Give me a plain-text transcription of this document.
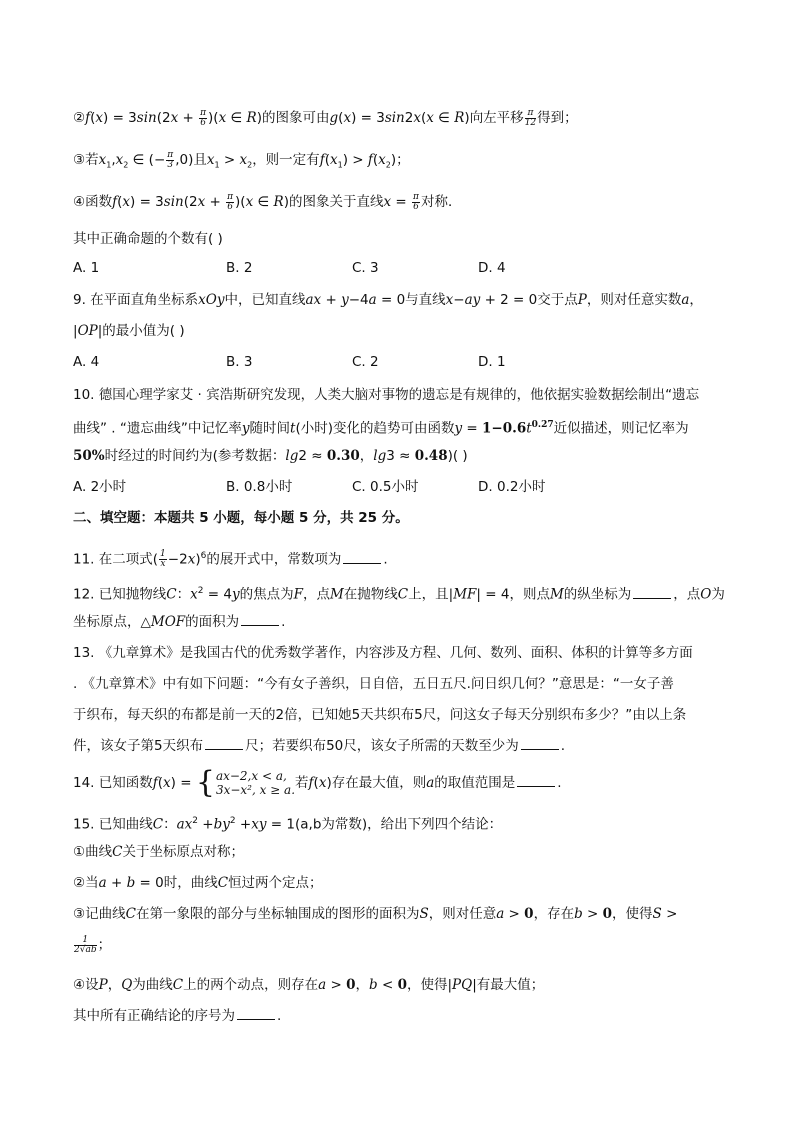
②f(x) = $3\sin(2x + \frac{\pi}{6} )(x$ ∈ R)的图象可由g(x) = 3sin2x(x ∈ R)向左平移 $\frac{\pi}{12}$ 得到；
③若$x_1,x_2$ ∈ (− $\frac{\pi}{3} ,0$)且$x_1 > x_2$，则一定有$f(x_1) > f(x_2)$；
④函数$f(x) = 3\sin(2x + \frac{\pi}{6} )(x$ ∈ R)的图象关于直线$x = \frac{\pi}{6}$ 对称．
其中正确命题的个数有( )
A. 1	B. 2	C. 3	D. 4
9. 在平面直角坐标系xOy中，已知直线ax + y−4a = 0与直线x−ay + 2 = 0交于点P，则对任意实数a，
|OP|的最小值为( )
A. 4	B. 3	C. 2	D. 1
10. 德国心理学家艾 · 宾浩斯研究发现，人类大脑对事物的遗忘是有规律的，他依据实验数据绘制出“遗忘
曲线” . “遗忘曲线”中记忆率y随时间t(小时)变化的趋势可由函数$y = 1-0.6t^{0.27}$近似描述，则记忆率为
50%时经过的时间约为(参考数据：lg2 ≈ 0.30，lg3 ≈ 0.48)( )
A. 2小时	B. 0.8小时	C. 0.5小时	D. 0.2小时
二、填空题：本题共 5 小题，每小题 5 分，共 25 分。
11. 在二项式( $\frac{1}{x} -2x)^6$的展开式中，常数项为	.
12. 已知抛物线C：$x^2 = 4y$的焦点为F，点M在抛物线C上，且|MF| = 4，则点M的纵坐标为	，点O为
坐标原点，△MOF的面积为	.
13. 《九章算术》是我国古代的优秀数学著作，内容涉及方程、几何、数列、面积、体积的计算等多方面
. 《九章算术》中有如下问题：“今有女子善织，日自倍，五日五尺.问日织几何？”意思是：“一女子善
于织布，每天织的布都是前一天的2倍，已知她5天共织布5尺，问这女子每天分别织布多少？”由以上条
件，该女子第5天织布	尺；若要织布50尺，该女子所需的天数至少为	.
14. 已知函数f(x) = { ax−2,x < a,
3x−x², x ≥ a. 若f(x)存在最大值，则a的取值范围是	.
15. 已知曲线C：$ax^2 +by^2 +xy = 1(a,b$为常数)，给出下列四个结论：
①曲线C关于坐标原点对称；
②当a + b = 0时，曲线C恒过两个定点；
③记曲线C在第一象限的部分与坐标轴围成的图形的面积为S，则对任意a > 0，存在b > 0，使得S >
$\frac{1}{2√ab}$ ；
④设P，Q为曲线C上的两个动点，则存在a > 0，b < 0，使得|PQ|有最大值；
其中所有正确结论的序号为	.
